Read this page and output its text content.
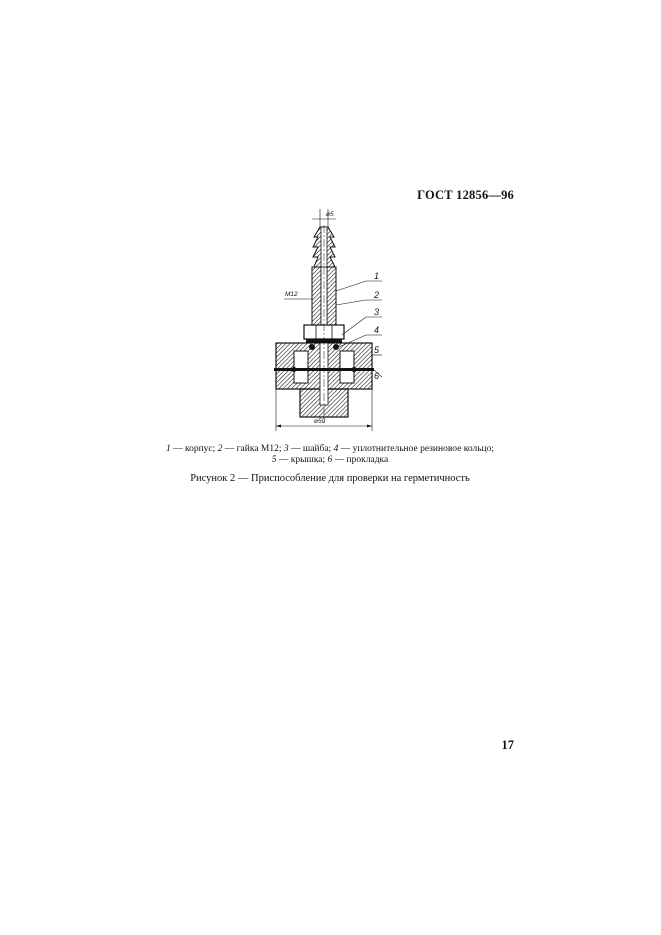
ГОСТ 12856—96
ø5
М12
ø50
1
2
3
4
5
6
1 — корпус; 2 — гайка М12; 3 — шайба; 4 — уплотнительное резиновое кольцо;
5 — крышка; 6 — прокладка
Рисунок 2 — Приспособление для проверки на герметичность
17
